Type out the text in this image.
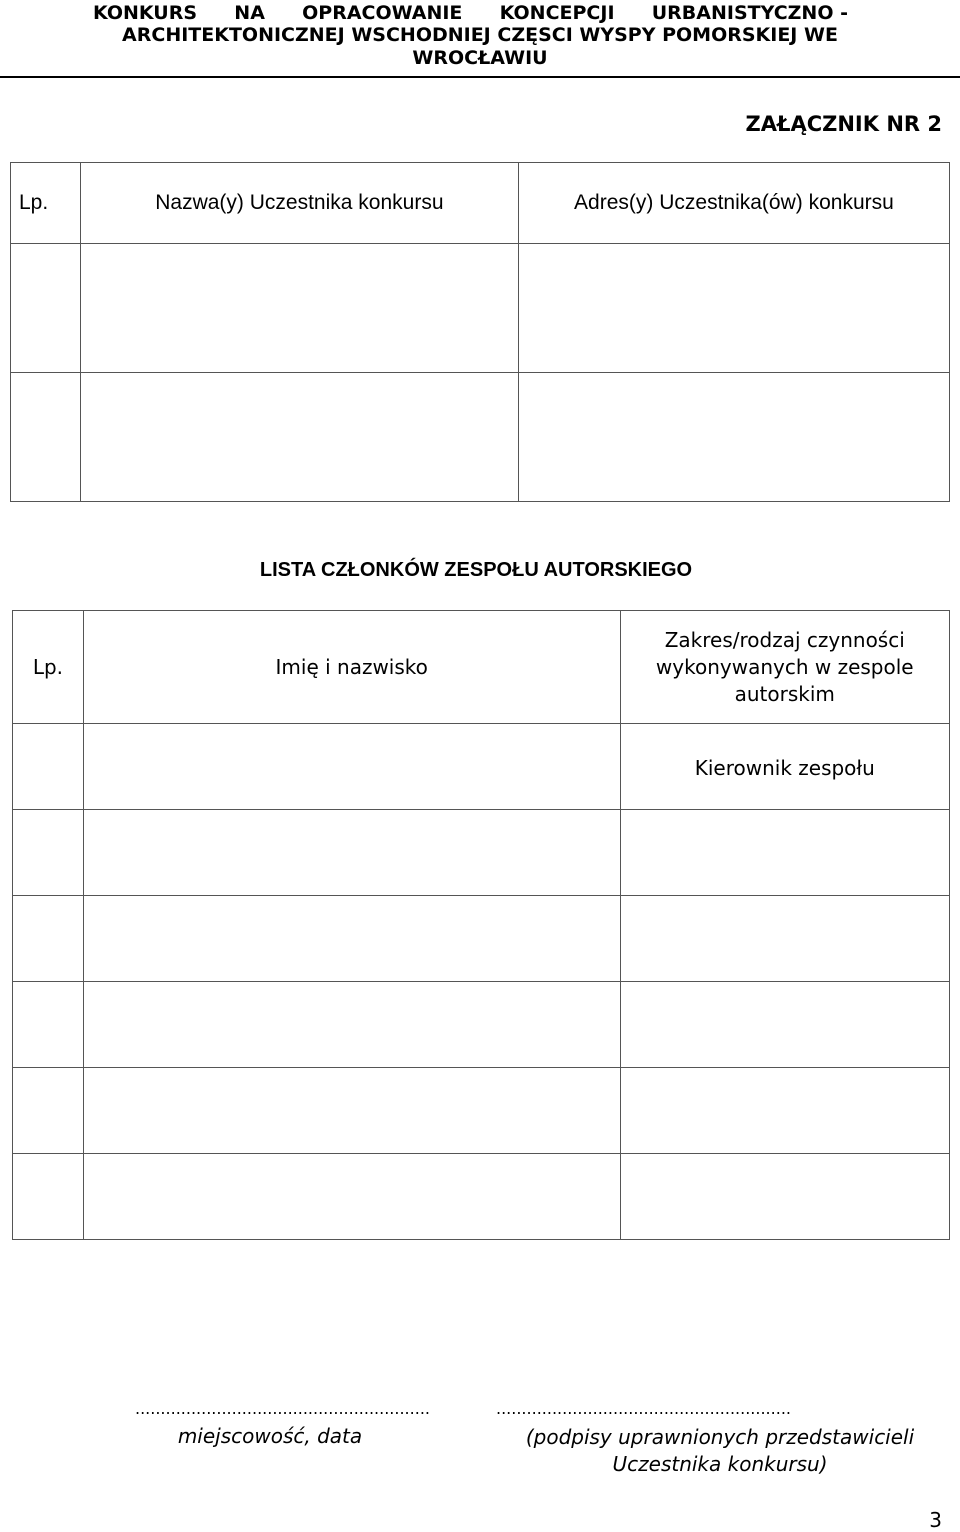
KONKURS NA OPRACOWANIE KONCEPCJI URBANISTYCZNO -
ARCHITEKTONICZNEJ WSCHODNIEJ CZĘSCI WYSPY POMORSKIEJ WE
WROCŁAWIU
ZAŁĄCZNIK NR 2
Lp.	Nazwa(y) Uczestnika konkursu	Adres(y) Uczestnika(ów) konkursu

LISTA CZŁONKÓW ZESPOŁU AUTORSKIEGO
Lp.	Imię i nazwisko	Zakres/rodzaj czynności wykonywanych w zespole autorskim
		Kierownik zespołu

..........................................................	..........................................................
miejscowość, data	(podpisy uprawnionych przedstawicieli Uczestnika konkursu)
3
